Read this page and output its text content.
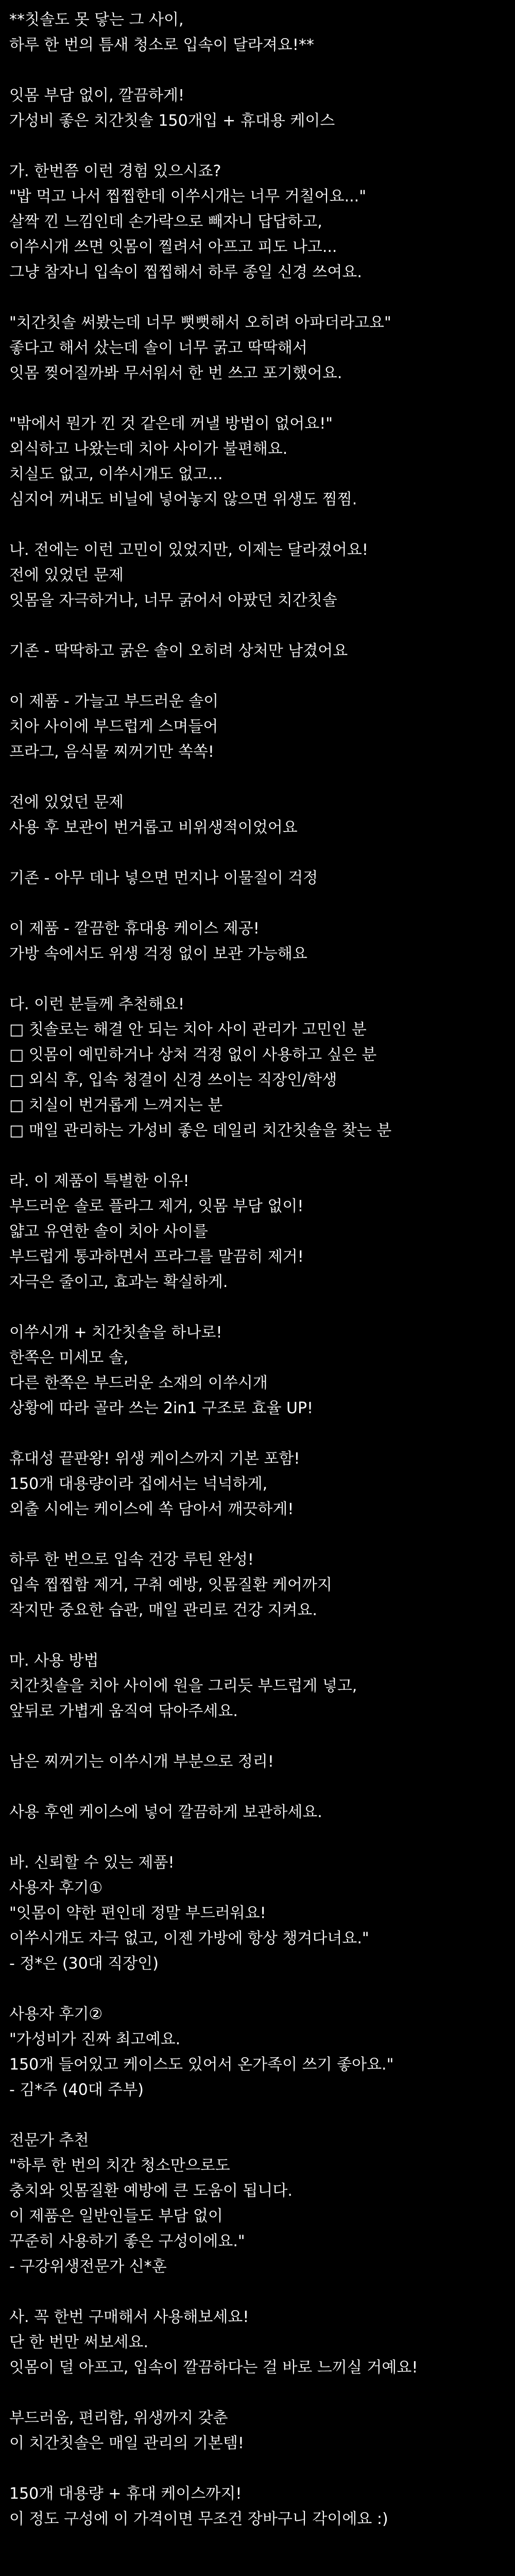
**칫솔도 못 닿는 그 사이,
하루 한 번의 틈새 청소로 입속이 달라져요!**
잇몸 부담 없이, 깔끔하게!
가성비 좋은 치간칫솔 150개입 + 휴대용 케이스
가. 한번쯤 이런 경험 있으시죠?
"밥 먹고 나서 찝찝한데 이쑤시개는 너무 거칠어요..."
살짝 낀 느낌인데 손가락으로 빼자니 답답하고,
이쑤시개 쓰면 잇몸이 찔려서 아프고 피도 나고...
그냥 참자니 입속이 찝찝해서 하루 종일 신경 쓰여요.
"치간칫솔 써봤는데 너무 뻣뻣해서 오히려 아파더라고요"
좋다고 해서 샀는데 솔이 너무 굵고 딱딱해서
잇몸 찢어질까봐 무서워서 한 번 쓰고 포기했어요.
"밖에서 뭔가 낀 것 같은데 꺼낼 방법이 없어요!"
외식하고 나왔는데 치아 사이가 불편해요.
치실도 없고, 이쑤시개도 없고...
심지어 꺼내도 비닐에 넣어놓지 않으면 위생도 찜찜.
나. 전에는 이런 고민이 있었지만, 이제는 달라졌어요!
전에 있었던 문제
잇몸을 자극하거나, 너무 굵어서 아팠던 치간칫솔
기존 - 딱딱하고 굵은 솔이 오히려 상처만 남겼어요
이 제품 - 가늘고 부드러운 솔이
치아 사이에 부드럽게 스며들어
프라그, 음식물 찌꺼기만 쏙쏙!
전에 있었던 문제
사용 후 보관이 번거롭고 비위생적이었어요
기존 - 아무 데나 넣으면 먼지나 이물질이 걱정
이 제품 - 깔끔한 휴대용 케이스 제공!
가방 속에서도 위생 걱정 없이 보관 가능해요
다. 이런 분들께 추천해요!
□ 칫솔로는 해결 안 되는 치아 사이 관리가 고민인 분
□ 잇몸이 예민하거나 상처 걱정 없이 사용하고 싶은 분
□ 외식 후, 입속 청결이 신경 쓰이는 직장인/학생
□ 치실이 번거롭게 느껴지는 분
□ 매일 관리하는 가성비 좋은 데일리 치간칫솔을 찾는 분
라. 이 제품이 특별한 이유!
부드러운 솔로 플라그 제거, 잇몸 부담 없이!
얇고 유연한 솔이 치아 사이를
부드럽게 통과하면서 프라그를 말끔히 제거!
자극은 줄이고, 효과는 확실하게.
이쑤시개 + 치간칫솔을 하나로!
한쪽은 미세모 솔,
다른 한쪽은 부드러운 소재의 이쑤시개
상황에 따라 골라 쓰는 2in1 구조로 효율 UP!
휴대성 끝판왕! 위생 케이스까지 기본 포함!
150개 대용량이라 집에서는 넉넉하게,
외출 시에는 케이스에 쏙 담아서 깨끗하게!
하루 한 번으로 입속 건강 루틴 완성!
입속 찝찝함 제거, 구취 예방, 잇몸질환 케어까지
작지만 중요한 습관, 매일 관리로 건강 지켜요.
마. 사용 방법
치간칫솔을 치아 사이에 원을 그리듯 부드럽게 넣고,
앞뒤로 가볍게 움직여 닦아주세요.
남은 찌꺼기는 이쑤시개 부분으로 정리!
사용 후엔 케이스에 넣어 깔끔하게 보관하세요.
바. 신뢰할 수 있는 제품!
사용자 후기①
"잇몸이 약한 편인데 정말 부드러워요!
이쑤시개도 자극 없고, 이젠 가방에 항상 챙겨다녀요."
- 정*은 (30대 직장인)
사용자 후기②
"가성비가 진짜 최고예요.
150개 들어있고 케이스도 있어서 온가족이 쓰기 좋아요."
- 김*주 (40대 주부)
전문가 추천
"하루 한 번의 치간 청소만으로도
충치와 잇몸질환 예방에 큰 도움이 됩니다.
이 제품은 일반인들도 부담 없이
꾸준히 사용하기 좋은 구성이에요."
- 구강위생전문가 신*훈
사. 꼭 한번 구매해서 사용해보세요!
단 한 번만 써보세요.
잇몸이 덜 아프고, 입속이 깔끔하다는 걸 바로 느끼실 거예요!
부드러움, 편리함, 위생까지 갖춘
이 치간칫솔은 매일 관리의 기본템!
150개 대용량 + 휴대 케이스까지!
이 정도 구성에 이 가격이면 무조건 장바구니 각이에요 :)
